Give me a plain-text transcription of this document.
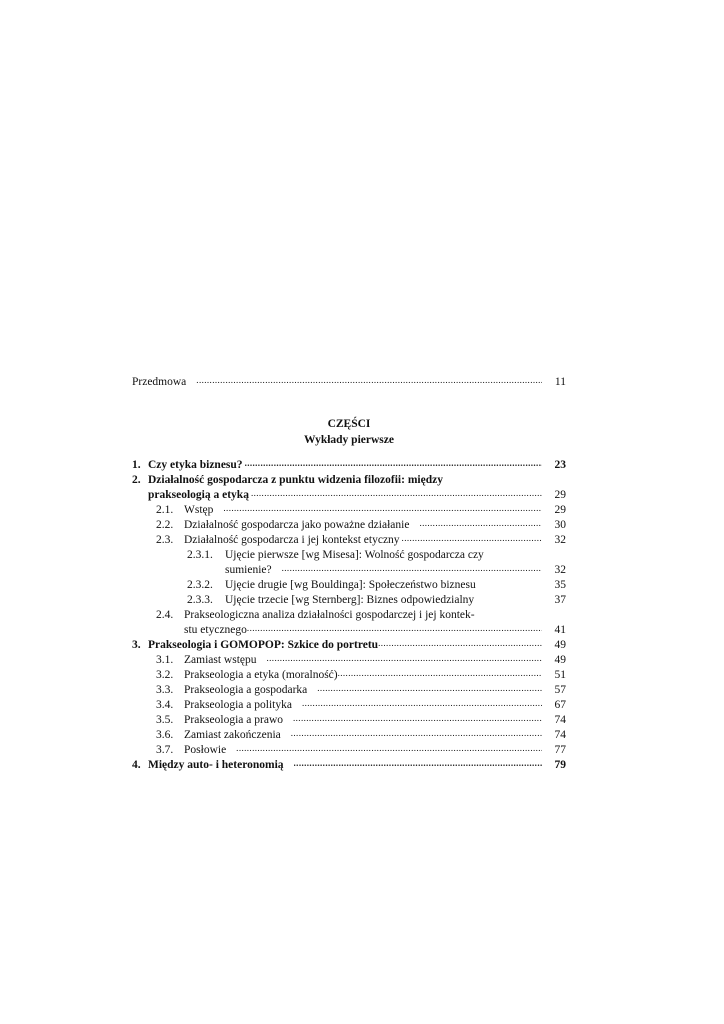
Przedmowa .....	11
CZĘŚCI
Wykłady pierwsze
1. Czy etyka biznesu? .....	23
2. Działalność gospodarcza z punktu widzenia filozofii: między
prakseologią a etyką .....	29
2.1. Wstęp .....	29
2.2. Działalność gospodarcza jako poważne działanie .....	30
2.3. Działalność gospodarcza i jej kontekst etyczny .....	32
2.3.1.	Ujęcie pierwsze [wg Misesa]: Wolność gospodarcza czy
sumienie? .....	32
2.3.2.	Ujęcie drugie [wg Bouldinga]: Społeczeństwo biznesu	35
2.3.3.	Ujęcie trzecie [wg Sternberg]: Biznes odpowiedzialny	37
2.4. Prakseologiczna analiza działalności gospodarczej i jej kontek-
stu etycznego .....	41
3. Prakseologia i GOMOPOP: Szkice do portretu .....	49
3.1. Zamiast wstępu .....	49
3.2. Prakseologia a etyka (moralność) .....	51
3.3. Prakseologia a gospodarka .....	57
3.4. Prakseologia a polityka .....	67
3.5. Prakseologia a prawo .....	74
3.6. Zamiast zakończenia .....	74
3.7. Posłowie .....	77
4. Między auto- i heteronomią .....	79
